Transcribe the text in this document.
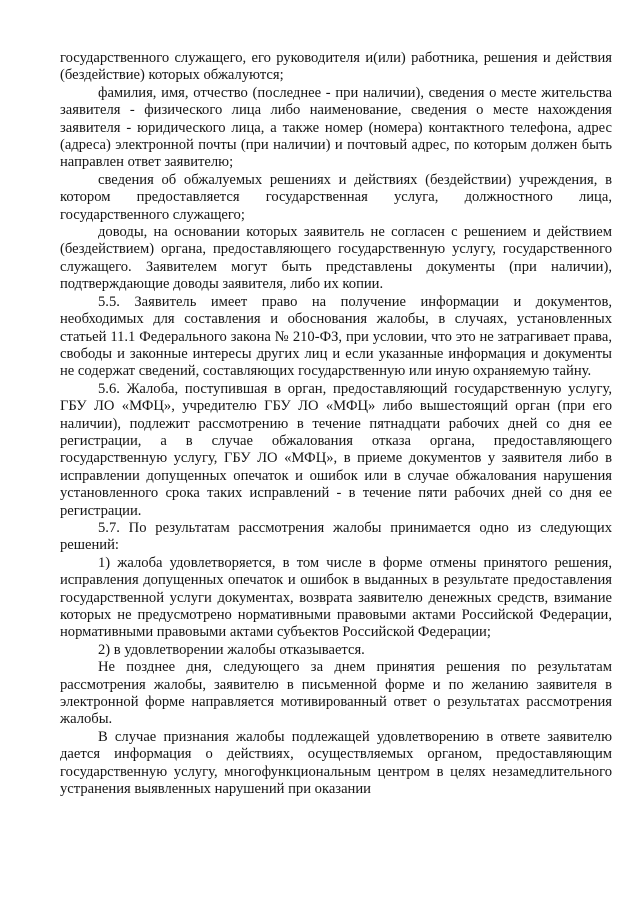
государственного служащего, его руководителя и(или) работника, решения и действия (бездействие) которых обжалуются;

фамилия, имя, отчество (последнее - при наличии), сведения о месте жительства заявителя - физического лица либо наименование, сведения о месте нахождения заявителя - юридического лица, а также номер (номера) контактного телефона, адрес (адреса) электронной почты (при наличии) и почтовый адрес, по которым должен быть направлен ответ заявителю;

сведения об обжалуемых решениях и действиях (бездействии) учреждения, в котором предоставляется государственная услуга, должностного лица, государственного служащего;

доводы, на основании которых заявитель не согласен с решением и действием (бездействием) органа, предоставляющего государственную услугу, государственного служащего. Заявителем могут быть представлены документы (при наличии), подтверждающие доводы заявителя, либо их копии.

5.5. Заявитель имеет право на получение информации и документов, необходимых для составления и обоснования жалобы, в случаях, установленных статьей 11.1 Федерального закона № 210-ФЗ, при условии, что это не затрагивает права, свободы и законные интересы других лиц и если указанные информация и документы не содержат сведений, составляющих государственную или иную охраняемую тайну.

5.6. Жалоба, поступившая в орган, предоставляющий государственную услугу, ГБУ ЛО «МФЦ», учредителю ГБУ ЛО «МФЦ» либо вышестоящий орган (при его наличии), подлежит рассмотрению в течение пятнадцати рабочих дней со дня ее регистрации, а в случае обжалования отказа органа, предоставляющего государственную услугу, ГБУ ЛО «МФЦ», в приеме документов у заявителя либо в исправлении допущенных опечаток и ошибок или в случае обжалования нарушения установленного срока таких исправлений - в течение пяти рабочих дней со дня ее регистрации.

5.7. По результатам рассмотрения жалобы принимается одно из следующих решений:

1) жалоба удовлетворяется, в том числе в форме отмены принятого решения, исправления допущенных опечаток и ошибок в выданных в результате предоставления государственной услуги документах, возврата заявителю денежных средств, взимание которых не предусмотрено нормативными правовыми актами Российской Федерации, нормативными правовыми актами субъектов Российской Федерации;

2) в удовлетворении жалобы отказывается.

Не позднее дня, следующего за днем принятия решения по результатам рассмотрения жалобы, заявителю в письменной форме и по желанию заявителя в электронной форме направляется мотивированный ответ о результатах рассмотрения жалобы.

В случае признания жалобы подлежащей удовлетворению в ответе заявителю дается информация о действиях, осуществляемых органом, предоставляющим государственную услугу, многофункциональным центром в целях незамедлительного устранения выявленных нарушений при оказании
